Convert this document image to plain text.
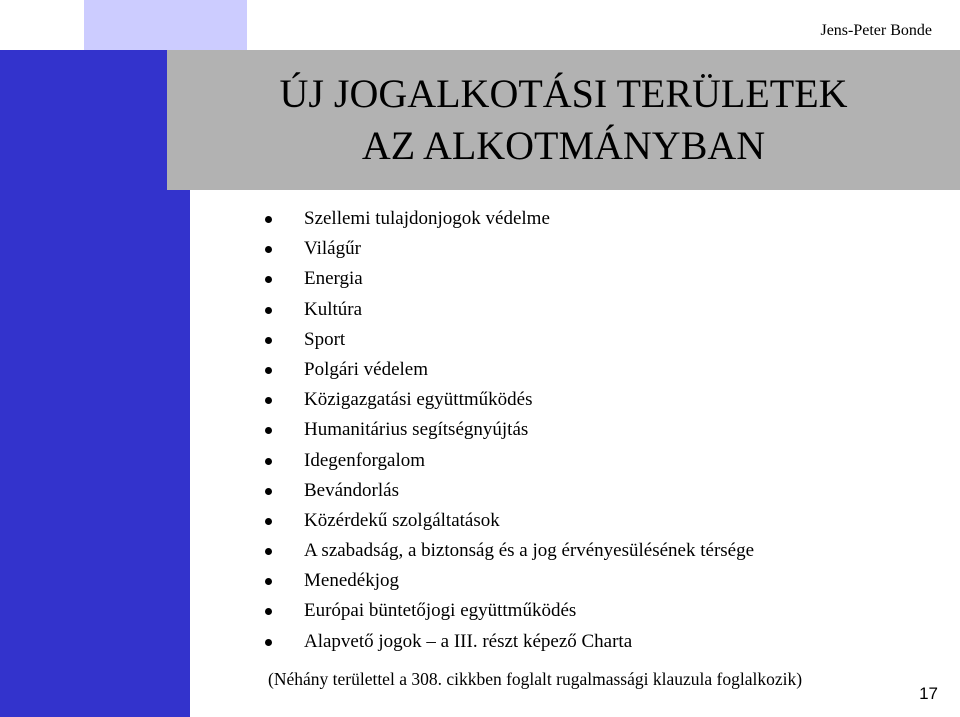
Jens-Peter Bonde
ÚJ JOGALKOTÁSI TERÜLETEK
AZ ALKOTMÁNYBAN
Szellemi tulajdonjogok védelme
Világűr
Energia
Kultúra
Sport
Polgári védelem
Közigazgatási együttműködés
Humanitárius segítségnyújtás
Idegenforgalom
Bevándorlás
Közérdekű szolgáltatások
A szabadság, a biztonság és a jog érvényesülésének térsége
Menedékjog
Európai büntetőjogi együttműködés
Alapvető jogok – a III. részt képező Charta
(Néhány területtel a 308. cikkben foglalt rugalmassági klauzula foglalkozik)
17
